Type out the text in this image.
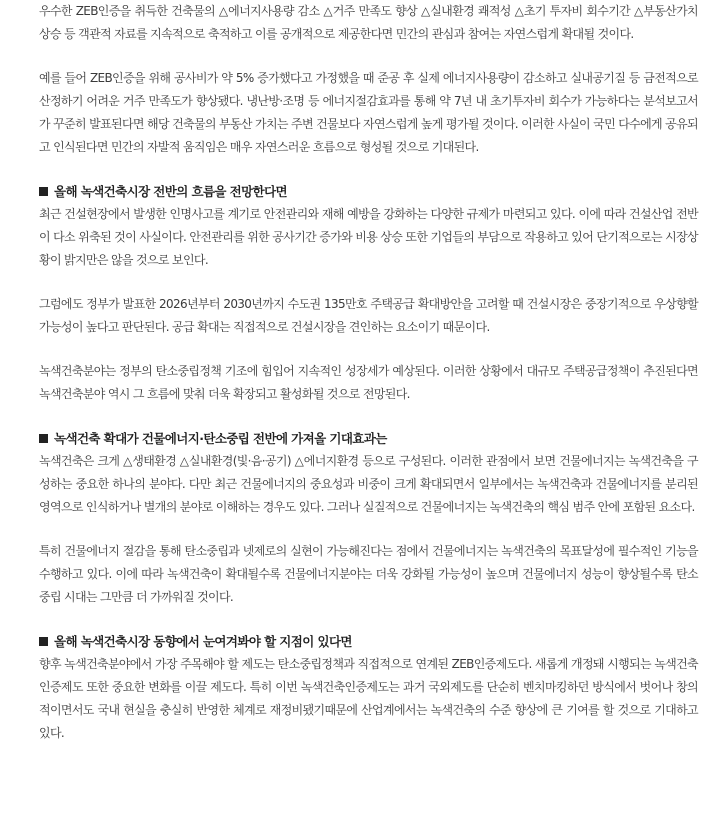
우수한 ZEB인증을 취득한 건축물의 △에너지사용량 감소 △거주 만족도 향상 △실내환경 쾌적성 △초기 투자비 회수기간 △부동산가치 상승 등 객관적 자료를 지속적으로 축적하고 이를 공개적으로 제공한다면 민간의 관심과 참여는 자연스럽게 확대될 것이다.

예를 들어 ZEB인증을 위해 공사비가 약 5% 증가했다고 가정했을 때 준공 후 실제 에너지사용량이 감소하고 실내공기질 등 금전적으로 산정하기 어려운 거주 만족도가 향상됐다. 냉난방·조명 등 에너지절감효과를 통해 약 7년 내 초기투자비 회수가 가능하다는 분석보고서가 꾸준히 발표된다면 해당 건축물의 부동산 가치는 주변 건물보다 자연스럽게 높게 평가될 것이다. 이러한 사실이 국민 다수에게 공유되고 인식된다면 민간의 자발적 움직임은 매우 자연스러운 흐름으로 형성될 것으로 기대된다.

올해 녹색건축시장 전반의 흐름을 전망한다면

최근 건설현장에서 발생한 인명사고를 계기로 안전관리와 재해 예방을 강화하는 다양한 규제가 마련되고 있다. 이에 따라 건설산업 전반이 다소 위축된 것이 사실이다. 안전관리를 위한 공사기간 증가와 비용 상승 또한 기업들의 부담으로 작용하고 있어 단기적으로는 시장상황이 밝지만은 않을 것으로 보인다.

그럼에도 정부가 발표한 2026년부터 2030년까지 수도권 135만호 주택공급 확대방안을 고려할 때 건설시장은 중장기적으로 우상향할 가능성이 높다고 판단된다. 공급 확대는 직접적으로 건설시장을 견인하는 요소이기 때문이다.

녹색건축분야는 정부의 탄소중립정책 기조에 힘입어 지속적인 성장세가 예상된다. 이러한 상황에서 대규모 주택공급정책이 추진된다면 녹색건축분야 역시 그 흐름에 맞춰 더욱 확장되고 활성화될 것으로 전망된다.

녹색건축 확대가 건물에너지·탄소중립 전반에 가져올 기대효과는

녹색건축은 크게 △생태환경 △실내환경(빛·음·공기) △에너지환경 등으로 구성된다. 이러한 관점에서 보면 건물에너지는 녹색건축을 구성하는 중요한 하나의 분야다. 다만 최근 건물에너지의 중요성과 비중이 크게 확대되면서 일부에서는 녹색건축과 건물에너지를 분리된 영역으로 인식하거나 별개의 분야로 이해하는 경우도 있다. 그러나 실질적으로 건물에너지는 녹색건축의 핵심 범주 안에 포함된 요소다.

특히 건물에너지 절감을 통해 탄소중립과 넷제로의 실현이 가능해진다는 점에서 건물에너지는 녹색건축의 목표달성에 필수적인 기능을 수행하고 있다. 이에 따라 녹색건축이 확대될수록 건물에너지분야는 더욱 강화될 가능성이 높으며 건물에너지 성능이 향상될수록 탄소중립 시대는 그만큼 더 가까워질 것이다.

올해 녹색건축시장 동향에서 눈여겨봐야 할 지점이 있다면

향후 녹색건축분야에서 가장 주목해야 할 제도는 탄소중립정책과 직접적으로 연계된 ZEB인증제도다. 새롭게 개정돼 시행되는 녹색건축인증제도 또한 중요한 변화를 이끌 제도다. 특히 이번 녹색건축인증제도는 과거 국외제도를 단순히 벤치마킹하던 방식에서 벗어나 창의적이면서도 국내 현실을 충실히 반영한 체계로 재정비됐기때문에 산업계에서는 녹색건축의 수준 향상에 큰 기여를 할 것으로 기대하고 있다.
